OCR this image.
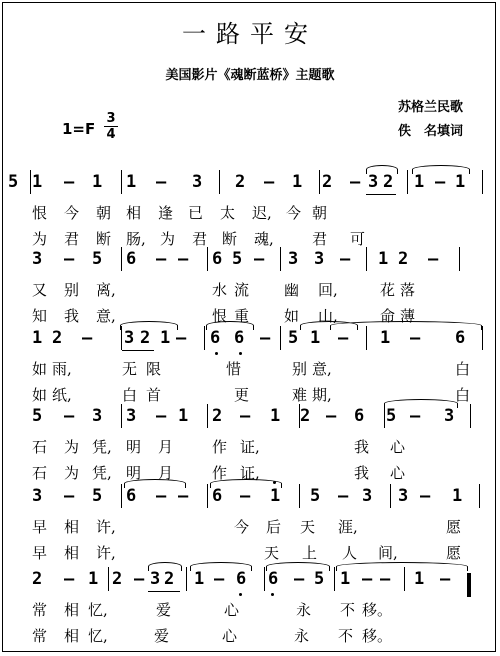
一路平安
美国影片《魂断蓝桥》主题歌
1=F
3
4
苏格兰民歌
佚　名填词
5 1 – 1 1 – 3 2 – 1 2 – 3 2 1 – 1
恨 今 朝 相 逢 已 太 迟, 今 朝
为 君 断 肠, 为 君 断 魂,	君 可
3 – 5 6 – – 6 5 – 3 3 – 1 2 –
又 别 离,	水 流 幽 回,	花 落
知 我 意,	恨 重 如 山,	命 薄
1 2 – 3 2 1 – 6 6 – 5 1 – 1 – 6
如 雨,	无 限	惜	别 意,	白
如 纸,	白 首	更	难 期,	白
5 – 3 3 – 1 2 – 1 2 – 6 5 – 3
石 为 凭, 明 月	作 证,	我 心
石 为 凭, 明 月	作 证,	我 心
3 – 5 6 – – 6 – 1 5 – 3 3 – 1
早 相 许,	今 后 天 涯,	愿
早 相 许,	天 上 人 间,	愿
2 – 1 2 – 3 2 1 – 6 6 – 5 1 – – 1 –
常 相 忆,	爱	心	永 不 移。
常 相 忆,	爱	心	永 不 移。
